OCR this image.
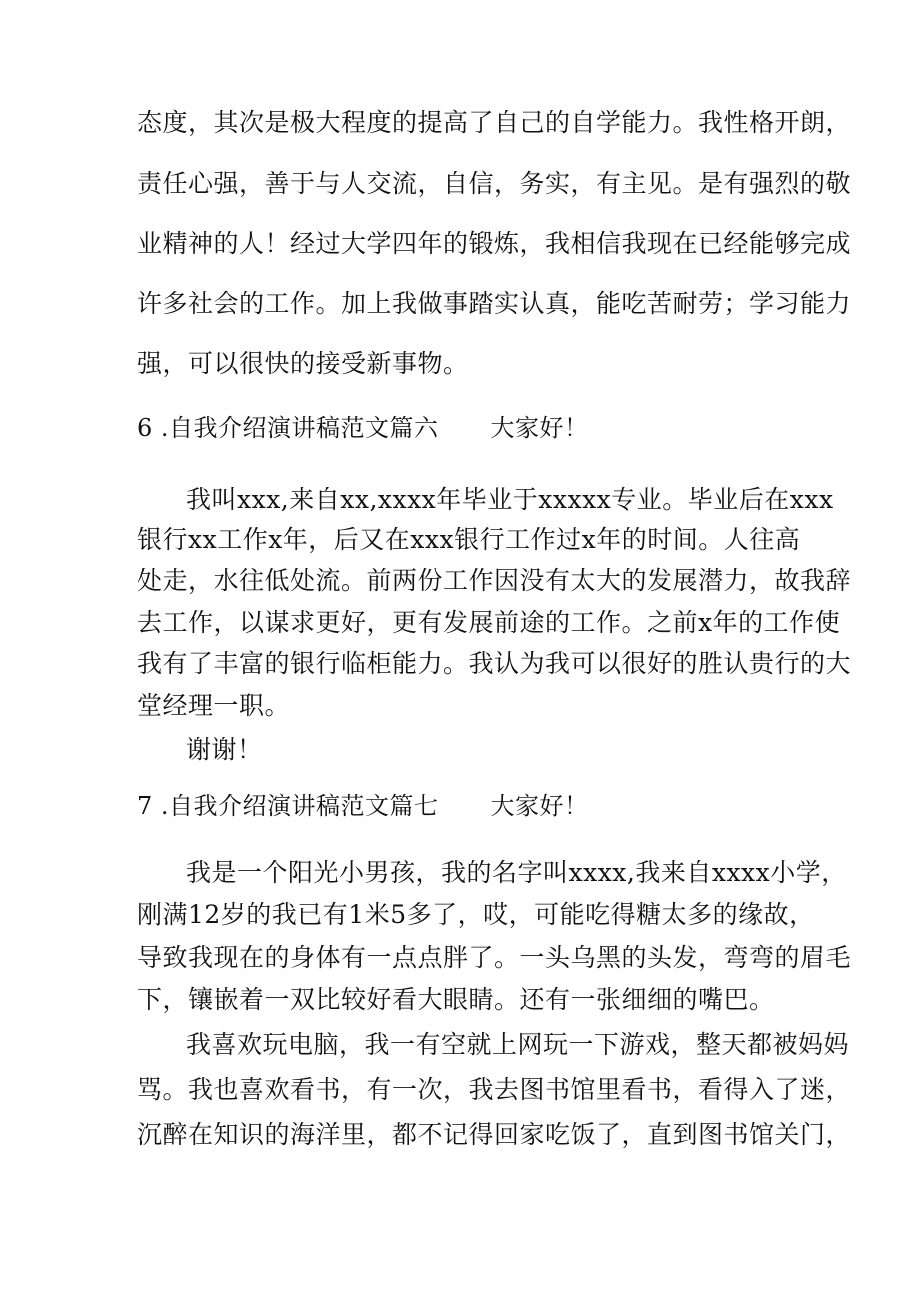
态度，其次是极大程度的提高了自己的自学能力。我性格开朗，
责任心强，善于与人交流，自信，务实，有主见。是有强烈的敬
业精神的人！经过大学四年的锻炼，我相信我现在已经能够完成
许多社会的工作。加上我做事踏实认真，能吃苦耐劳；学习能力
强，可以很快的接受新事物。
6 .自我介绍演讲稿范文篇六 大家好！
我叫xxx,来自xx,xxxx年毕业于xxxxx专业。毕业后在xxx
银行xx工作x年，后又在xxx银行工作过x年的时间。人往高
处走，水往低处流。前两份工作因没有太大的发展潜力，故我辞
去工作，以谋求更好，更有发展前途的工作。之前x年的工作使
我有了丰富的银行临柜能力。我认为我可以很好的胜认贵行的大
堂经理一职。
谢谢！
7 .自我介绍演讲稿范文篇七 大家好！
我是一个阳光小男孩，我的名字叫xxxx,我来自xxxx小学，
刚满12岁的我已有1米5多了，哎，可能吃得糖太多的缘故，
导致我现在的身体有一点点胖了。一头乌黑的头发，弯弯的眉毛
下，镶嵌着一双比较好看大眼睛。还有一张细细的嘴巴。
我喜欢玩电脑，我一有空就上网玩一下游戏，整天都被妈妈
骂。我也喜欢看书，有一次，我去图书馆里看书，看得入了迷，
沉醉在知识的海洋里，都不记得回家吃饭了，直到图书馆关门，
